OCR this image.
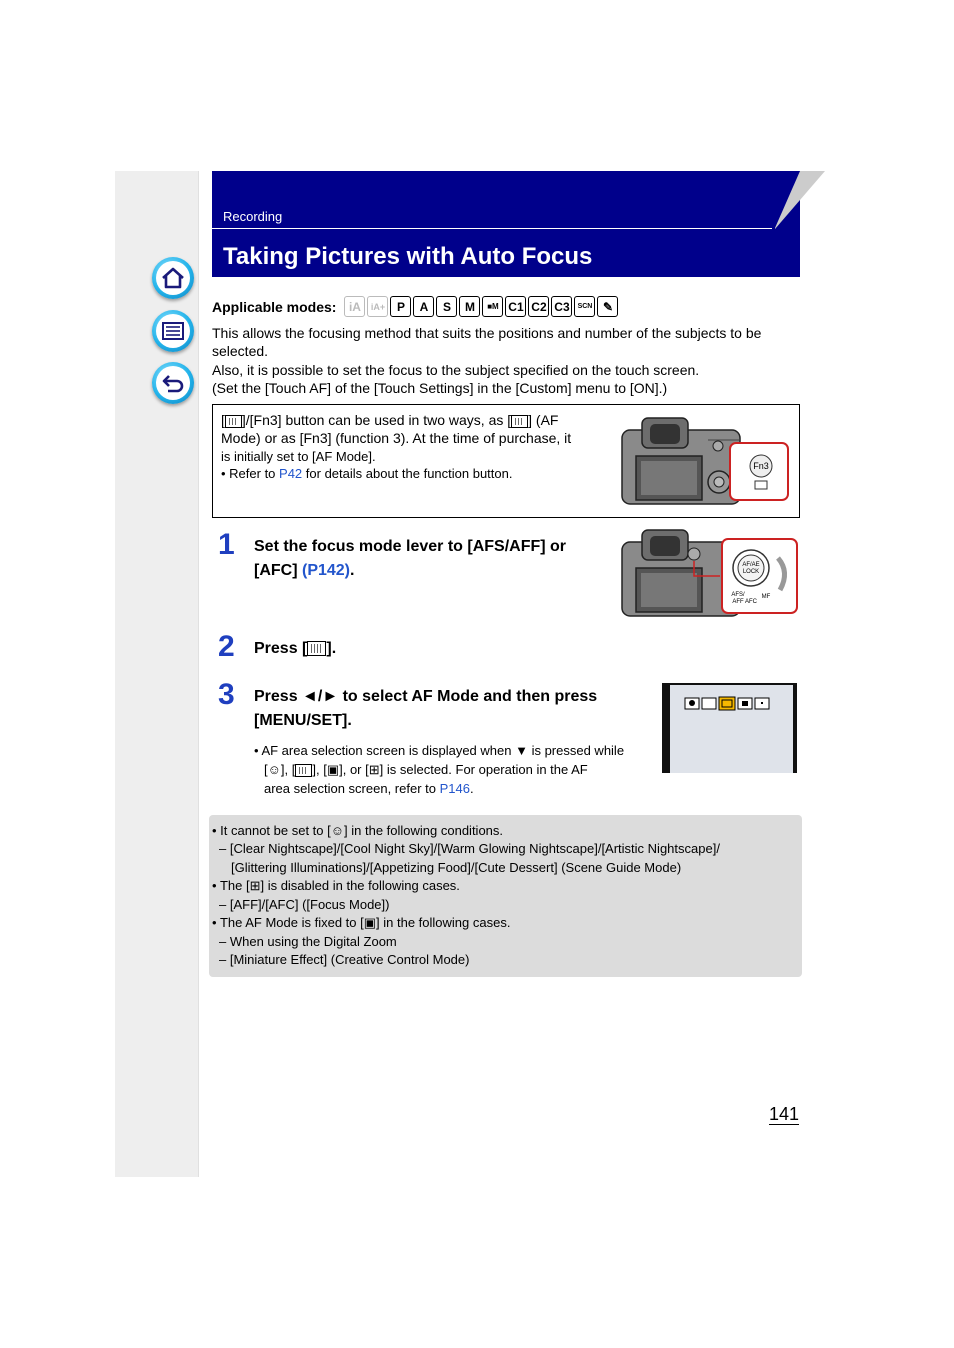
Recording
Taking Pictures with Auto Focus
Applicable modes:	iA	iA+ P	A	S	M	■M C1 C2 C3	SCN ✎
This allows the focusing method that suits the positions and number of the subjects to be
selected.
Also, it is possible to set the focus to the subject specified on the touch screen.
(Set the [Touch AF] of the [Touch Settings] in the [Custom] menu to [ON].)
[ ]/[Fn3] button can be used in two ways, as [ ] (AF
Mode) or as [Fn3] (function 3). At the time of purchase, it
is initially set to [AF Mode].
• Refer to P42 for details about the function button.	Fn3
1 Set the focus mode lever to [AFS/AFF] or
[AFC] (P142).	AF/AE
LOCK
AFS/
AFF AFC
MF
2 Press [ ].
3 Press ◄/► to select AF Mode and then press
[MENU/SET].
• AF area selection screen is displayed when ▼ is pressed while
[☺], [ ], [▣], or [⊞] is selected. For operation in the AF
area selection screen, refer to P146.
• It cannot be set to [☺] in the following conditions.
– [Clear Nightscape]/[Cool Night Sky]/[Warm Glowing Nightscape]/[Artistic Nightscape]/
[Glittering Illuminations]/[Appetizing Food]/[Cute Dessert] (Scene Guide Mode)
• The [⊞] is disabled in the following cases.
– [AFF]/[AFC] ([Focus Mode])
• The AF Mode is fixed to [▣] in the following cases.
– When using the Digital Zoom
– [Miniature Effect] (Creative Control Mode)
141
